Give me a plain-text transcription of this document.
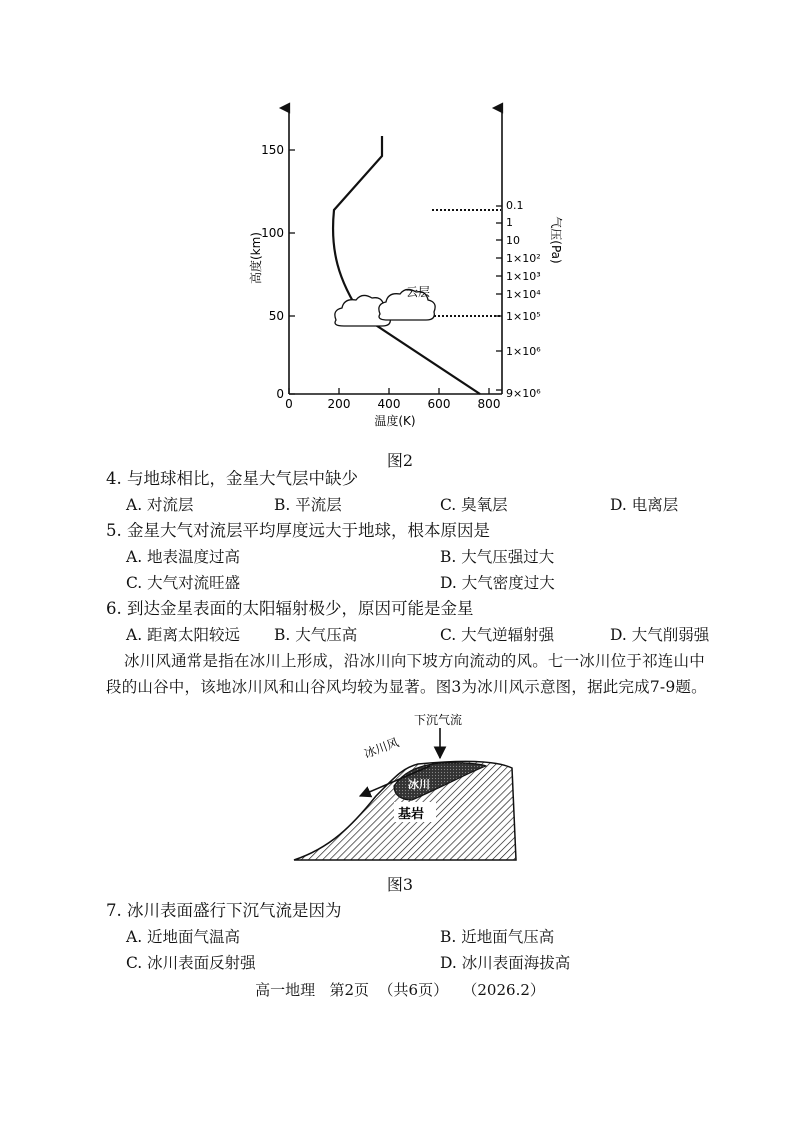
0
50
100
150
高度(km)
0	200 400 600 800
温度(K)
0.1
1
10
1×10²
1×10³
1×10⁴
1×10⁵
1×10⁶
9×10⁶
气压(Pa)
云层
图2
4. 与地球相比，金星大气层中缺少
A. 对流层	B. 平流层	C. 臭氧层	D. 电离层
5. 金星大气对流层平均厚度远大于地球，根本原因是
A. 地表温度过高	B. 大气压强过大
C. 大气对流旺盛	D. 大气密度过大
6. 到达金星表面的太阳辐射极少，原因可能是金星
A. 距离太阳较远 B. 大气压高	C. 大气逆辐射强	D. 大气削弱强
冰川风通常是指在冰川上形成，沿冰川向下坡方向流动的风。七一冰川位于祁连山中
段的山谷中，该地冰川风和山谷风均较为显著。图3为冰川风示意图，据此完成7-9题。
冰川
基岩
下沉气流
冰川风
图3
7. 冰川表面盛行下沉气流是因为
A. 近地面气温高	B. 近地面气压高
C. 冰川表面反射强	D. 冰川表面海拔高
高一地理 第2页 （共6页） （2026.2）
